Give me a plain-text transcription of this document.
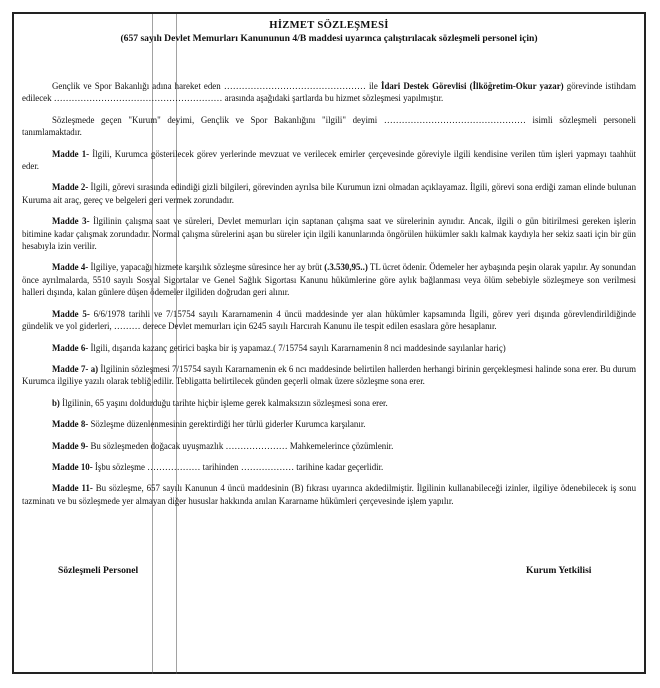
HİZMET SÖZLEŞMESİ
(657 sayılı Devlet Memurları Kanununun 4/B maddesi uyarınca çalıştırılacak sözleşmeli personel için)

Gençlik ve Spor Bakanlığı adına hareket eden ………………………………………… ile İdari Destek Görevlisi (İlköğretim-Okur yazar) görevinde istihdam edilecek ………………………………………………… arasında aşağıdaki şartlarda bu hizmet sözleşmesi yapılmıştır.

Sözleşmede geçen "Kurum" deyimi, Gençlik ve Spor Bakanlığını "ilgili" deyimi ………………………………………… isimli sözleşmeli personeli tanımlamaktadır.

Madde 1- İlgili, Kurumca gösterilecek görev yerlerinde mevzuat ve verilecek emirler çerçevesinde göreviyle ilgili kendisine verilen tüm işleri yapmayı taahhüt eder.

Madde 2- İlgili, görevi sırasında edindiği gizli bilgileri, görevinden ayrılsa bile Kurumun izni olmadan açıklayamaz. İlgili, görevi sona erdiği zaman elinde bulunan Kuruma ait araç, gereç ve belgeleri geri vermek zorundadır.

Madde 3- İlgilinin çalışma saat ve süreleri, Devlet memurları için saptanan çalışma saat ve sürelerinin aynıdır. Ancak, ilgili o gün bitirilmesi gereken işlerin bitimine kadar çalışmak zorundadır. Normal çalışma sürelerini aşan bu süreler için ilgili kanunlarında öngörülen hükümler saklı kalmak kaydıyla her sekiz saati için bir gün hesabıyla izin verilir.

Madde 4- İlgiliye, yapacağı hizmete karşılık sözleşme süresince her ay brüt (.3.530,95..) TL ücret ödenir. Ödemeler her aybaşında peşin olarak yapılır. Ay sonundan önce ayrılmalarda, 5510 sayılı Sosyal Sigortalar ve Genel Sağlık Sigortası Kanunu hükümlerine göre aylık bağlanması veya ölüm sebebiyle sözleşmeye son verilmesi halleri dışında, kalan günlere düşen ödemeler ilgiliden doğrudan geri alınır.

Madde 5- 6/6/1978 tarihli ve 7/15754 sayılı Kararnamenin 4 üncü maddesinde yer alan hükümler kapsamında İlgili, görev yeri dışında görevlendirildiğinde gündelik ve yol giderleri, ……… derece Devlet memurları için 6245 sayılı Harcırah Kanunu ile tespit edilen esaslara göre hesaplanır.

Madde 6- İlgili, dışarıda kazanç getirici başka bir iş yapamaz.( 7/15754 sayılı Kararnamenin 8 nci maddesinde sayılanlar hariç)

Madde 7- a) İlgilinin sözleşmesi 7/15754 sayılı Kararnamenin ek 6 ncı maddesinde belirtilen hallerden herhangi birinin gerçekleşmesi halinde sona erer. Bu durum Kurumca ilgiliye yazılı olarak tebliğ edilir. Tebligatta belirtilecek günden geçerli olmak üzere sözleşme sona erer.

b) İlgilinin, 65 yaşını doldurduğu tarihte hiçbir işleme gerek kalmaksızın sözleşmesi sona erer.

Madde 8- Sözleşme düzenlenmesinin gerektirdiği her türlü giderler Kurumca karşılanır.

Madde 9- Bu sözleşmeden doğacak uyuşmazlık ………………… Mahkemelerince çözümlenir.

Madde 10- İşbu sözleşme ……………… tarihinden ……………… tarihine kadar geçerlidir.

Madde 11- Bu sözleşme, 657 sayılı Kanunun 4 üncü maddesinin (B) fıkrası uyarınca akdedilmiştir. İlgilinin kullanabileceği izinler, ilgiliye ödenebilecek iş sonu tazminatı ve bu sözleşmede yer almayan diğer hususlar hakkında anılan Kararname hükümleri çerçevesinde işlem yapılır.

Sözleşmeli Personel	Kurum Yetkilisi
